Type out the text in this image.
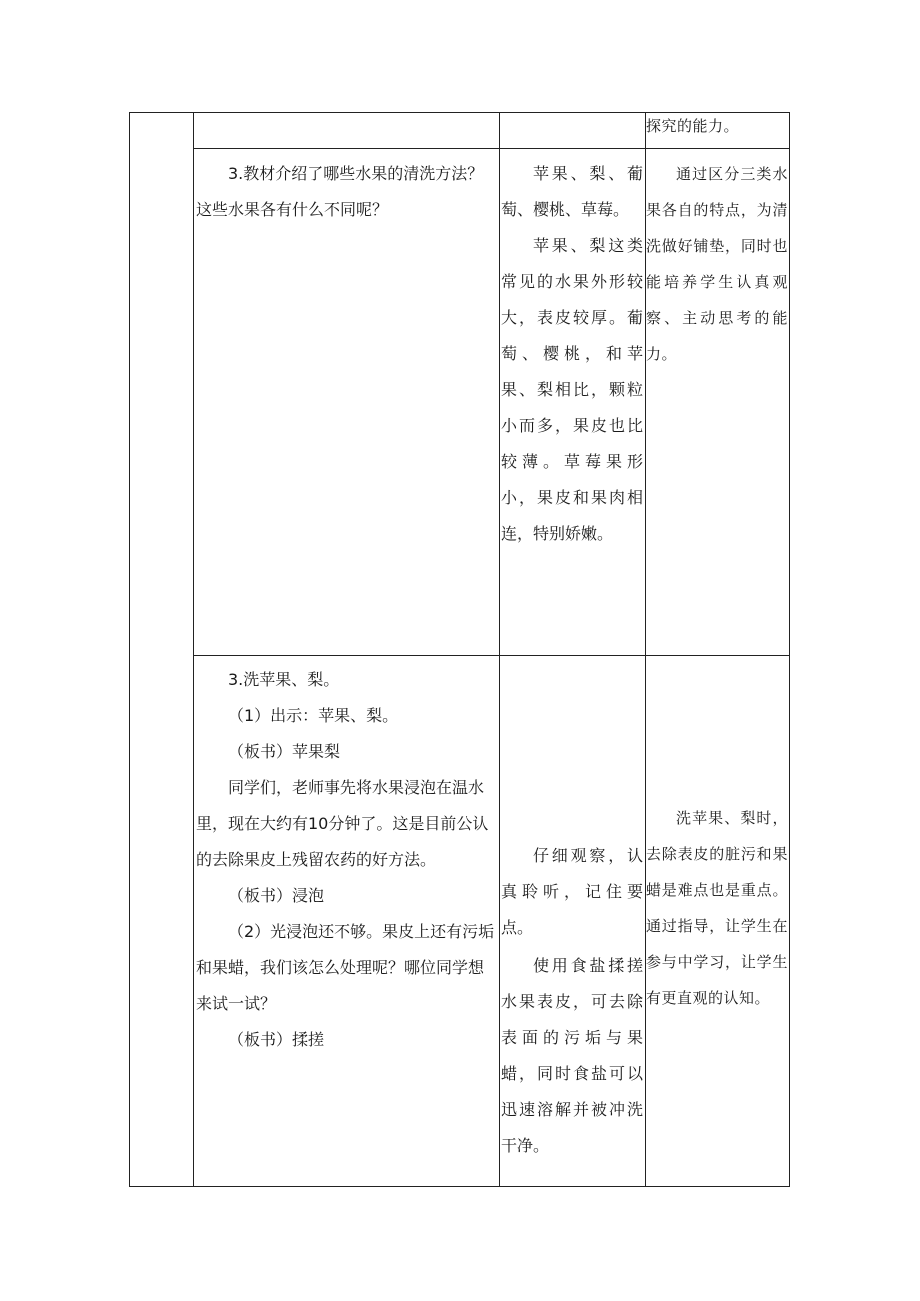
探究的能力。

3.教材介绍了哪些水果的清洗方法？这些水果各有什么不同呢？

苹果、梨、葡萄、樱桃、草莓。

苹果、梨这类常见的水果外形较大，表皮较厚。葡萄、樱桃，和苹果、梨相比，颗粒小而多，果皮也比较薄。草莓果形小，果皮和果肉相连，特别娇嫩。

通过区分三类水果各自的特点，为清洗做好铺垫，同时也能培养学生认真观察、主动思考的能力。

3.洗苹果、梨。

（1）出示：苹果、梨。

（板书）苹果梨

同学们，老师事先将水果浸泡在温水里，现在大约有10分钟了。这是目前公认的去除果皮上残留农药的好方法。

（板书）浸泡

（2）光浸泡还不够。果皮上还有污垢和果蜡，我们该怎么处理呢？哪位同学想来试一试？

（板书）揉搓

仔细观察，认真聆听，记住要点。

使用食盐揉搓水果表皮，可去除表面的污垢与果蜡，同时食盐可以迅速溶解并被冲洗干净。

洗苹果、梨时，去除表皮的脏污和果蜡是难点也是重点。通过指导，让学生在参与中学习，让学生有更直观的认知。
